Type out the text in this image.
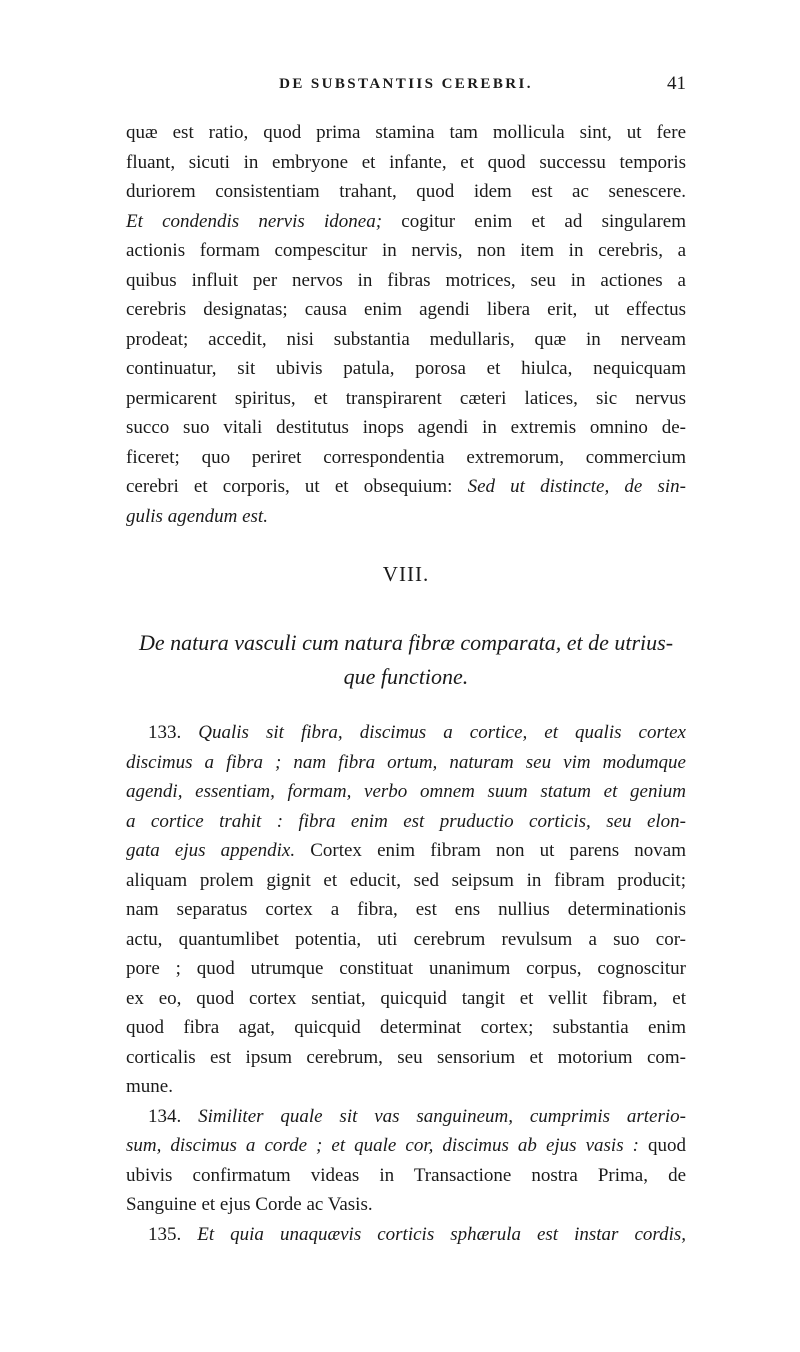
DE SUBSTANTIIS CEREBRI.	41
quæ est ratio, quod prima stamina tam mollicula sint, ut fere
fluant, sicuti in embryone et infante, et quod successu temporis
duriorem consistentiam trahant, quod idem est ac senescere.
Et condendis nervis idonea; cogitur enim et ad singularem
actionis formam compescitur in nervis, non item in cerebris, a
quibus influit per nervos in fibras motrices, seu in actiones a
cerebris designatas; causa enim agendi libera erit, ut effectus
prodeat; accedit, nisi substantia medullaris, quæ in nerveam
continuatur, sit ubivis patula, porosa et hiulca, nequicquam
permicarent spiritus, et transpirarent cæteri latices, sic nervus
succo suo vitali destitutus inops agendi in extremis omnino de-
ficeret; quo periret correspondentia extremorum, commercium
cerebri et corporis, ut et obsequium: Sed ut distincte, de sin-
gulis agendum est.
VIII.
De natura vasculi cum natura fibræ comparata, et de utrius-
que functione.
133. Qualis sit fibra, discimus a cortice, et qualis cortex
discimus a fibra ; nam fibra ortum, naturam seu vim modumque
agendi, essentiam, formam, verbo omnem suum statum et genium
a cortice trahit : fibra enim est pruductio corticis, seu elon-
gata ejus appendix. Cortex enim fibram non ut parens novam
aliquam prolem gignit et educit, sed seipsum in fibram producit;
nam separatus cortex a fibra, est ens nullius determinationis
actu, quantumlibet potentia, uti cerebrum revulsum a suo cor-
pore ; quod utrumque constituat unanimum corpus, cognoscitur
ex eo, quod cortex sentiat, quicquid tangit et vellit fibram, et
quod fibra agat, quicquid determinat cortex; substantia enim
corticalis est ipsum cerebrum, seu sensorium et motorium com-
mune.
134. Similiter quale sit vas sanguineum, cumprimis arterio-
sum, discimus a corde ; et quale cor, discimus ab ejus vasis : quod
ubivis confirmatum videas in Transactione nostra Prima, de
Sanguine et ejus Corde ac Vasis.
135. Et quia unaquævis corticis sphærula est instar cordis,
